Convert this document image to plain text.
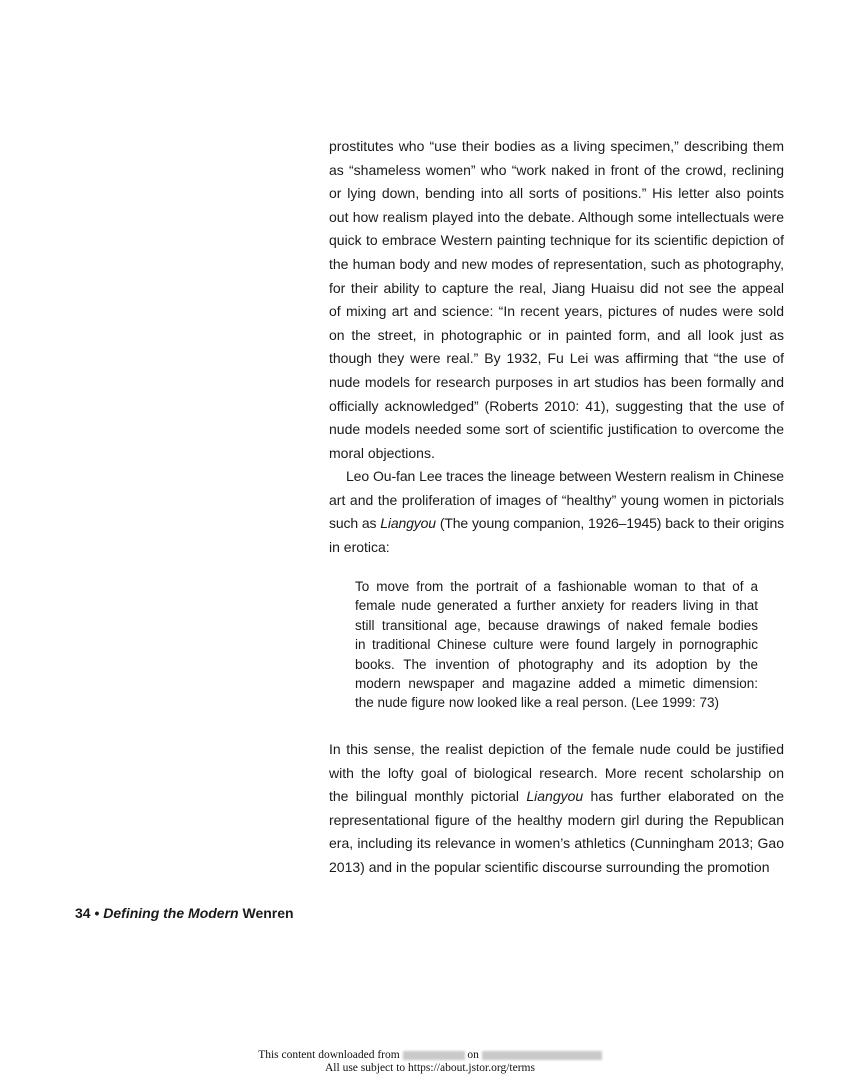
prostitutes who “use their bodies as a living specimen,” describing them
as “shameless women” who “work naked in front of the crowd, reclining
or lying down, bending into all sorts of positions.” His letter also points
out how realism played into the debate. Although some intellectuals were
quick to embrace Western painting technique for its scientific depiction of
the human body and new modes of representation, such as photography,
for their ability to capture the real, Jiang Huaisu did not see the appeal
of mixing art and science: “In recent years, pictures of nudes were sold
on the street, in photographic or in painted form, and all look just as
though they were real.” By 1932, Fu Lei was affirming that “the use of
nude models for research purposes in art studios has been formally and
officially acknowledged” (Roberts 2010: 41), suggesting that the use of
nude models needed some sort of scientific justification to overcome the
moral objections.
Leo Ou-fan Lee traces the lineage between Western realism in Chinese
art and the proliferation of images of “healthy” young women in pictorials
such as Liangyou (The young companion, 1926–1945) back to their origins
in erotica:
To move from the portrait of a fashionable woman to that of a
female nude generated a further anxiety for readers living in that
still transitional age, because drawings of naked female bodies
in traditional Chinese culture were found largely in pornographic
books. The invention of photography and its adoption by the
modern newspaper and magazine added a mimetic dimension:
the nude figure now looked like a real person. (Lee 1999: 73)
In this sense, the realist depiction of the female nude could be justified
with the lofty goal of biological research. More recent scholarship on
the bilingual monthly pictorial Liangyou has further elaborated on the
representational figure of the healthy modern girl during the Republican
era, including its relevance in women’s athletics (Cunningham 2013; Gao
2013) and in the popular scientific discourse surrounding the promotion
34 • Defining the Modern Wenren
This content downloaded from	on
All use subject to https://about.jstor.org/terms
